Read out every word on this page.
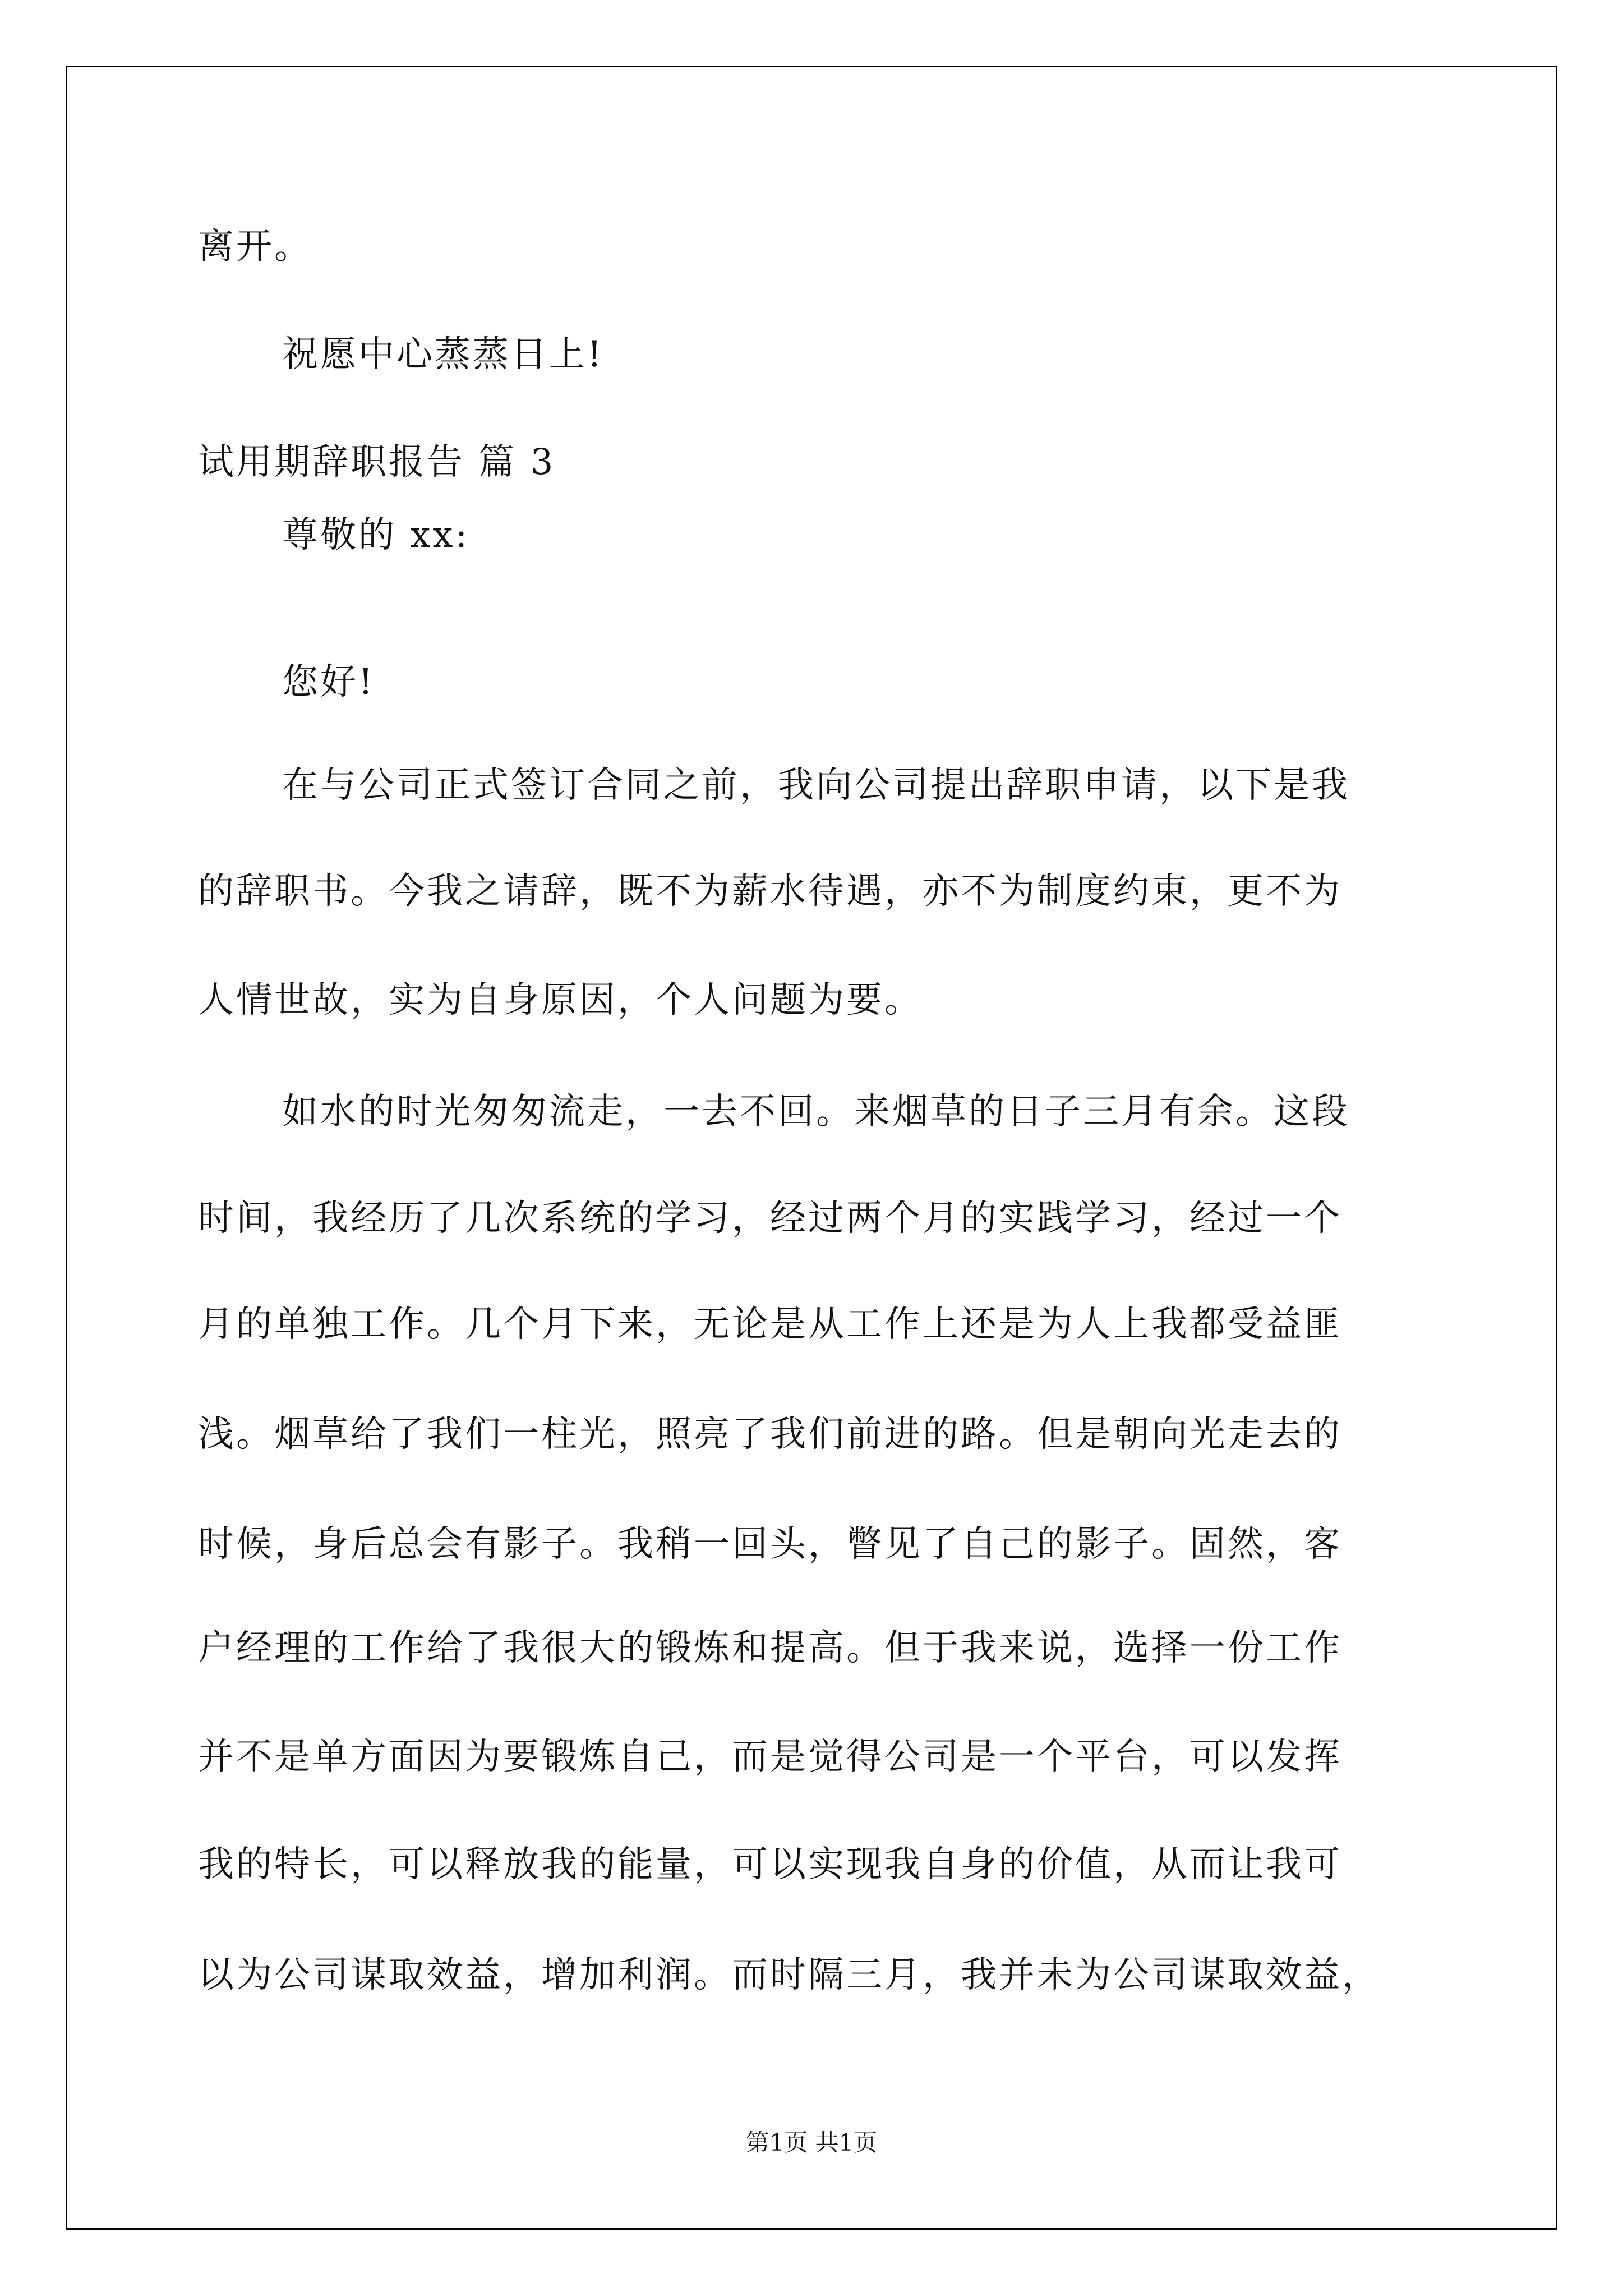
离开。
祝愿中心蒸蒸日上!
试用期辞职报告 篇 3
尊敬的 xx:
您好!
在与公司正式签订合同之前，我向公司提出辞职申请，以下是我
的辞职书。今我之请辞，既不为薪水待遇，亦不为制度约束，更不为
人情世故，实为自身原因，个人问题为要。
如水的时光匆匆流走，一去不回。来烟草的日子三月有余。这段
时间，我经历了几次系统的学习，经过两个月的实践学习，经过一个
月的单独工作。几个月下来，无论是从工作上还是为人上我都受益匪
浅。烟草给了我们一柱光，照亮了我们前进的路。但是朝向光走去的
时候，身后总会有影子。我稍一回头，瞥见了自己的影子。固然，客
户经理的工作给了我很大的锻炼和提高。但于我来说，选择一份工作
并不是单方面因为要锻炼自己，而是觉得公司是一个平台，可以发挥
我的特长，可以释放我的能量，可以实现我自身的价值，从而让我可
以为公司谋取效益，增加利润。而时隔三月，我并未为公司谋取效益，
第1页 共1页
